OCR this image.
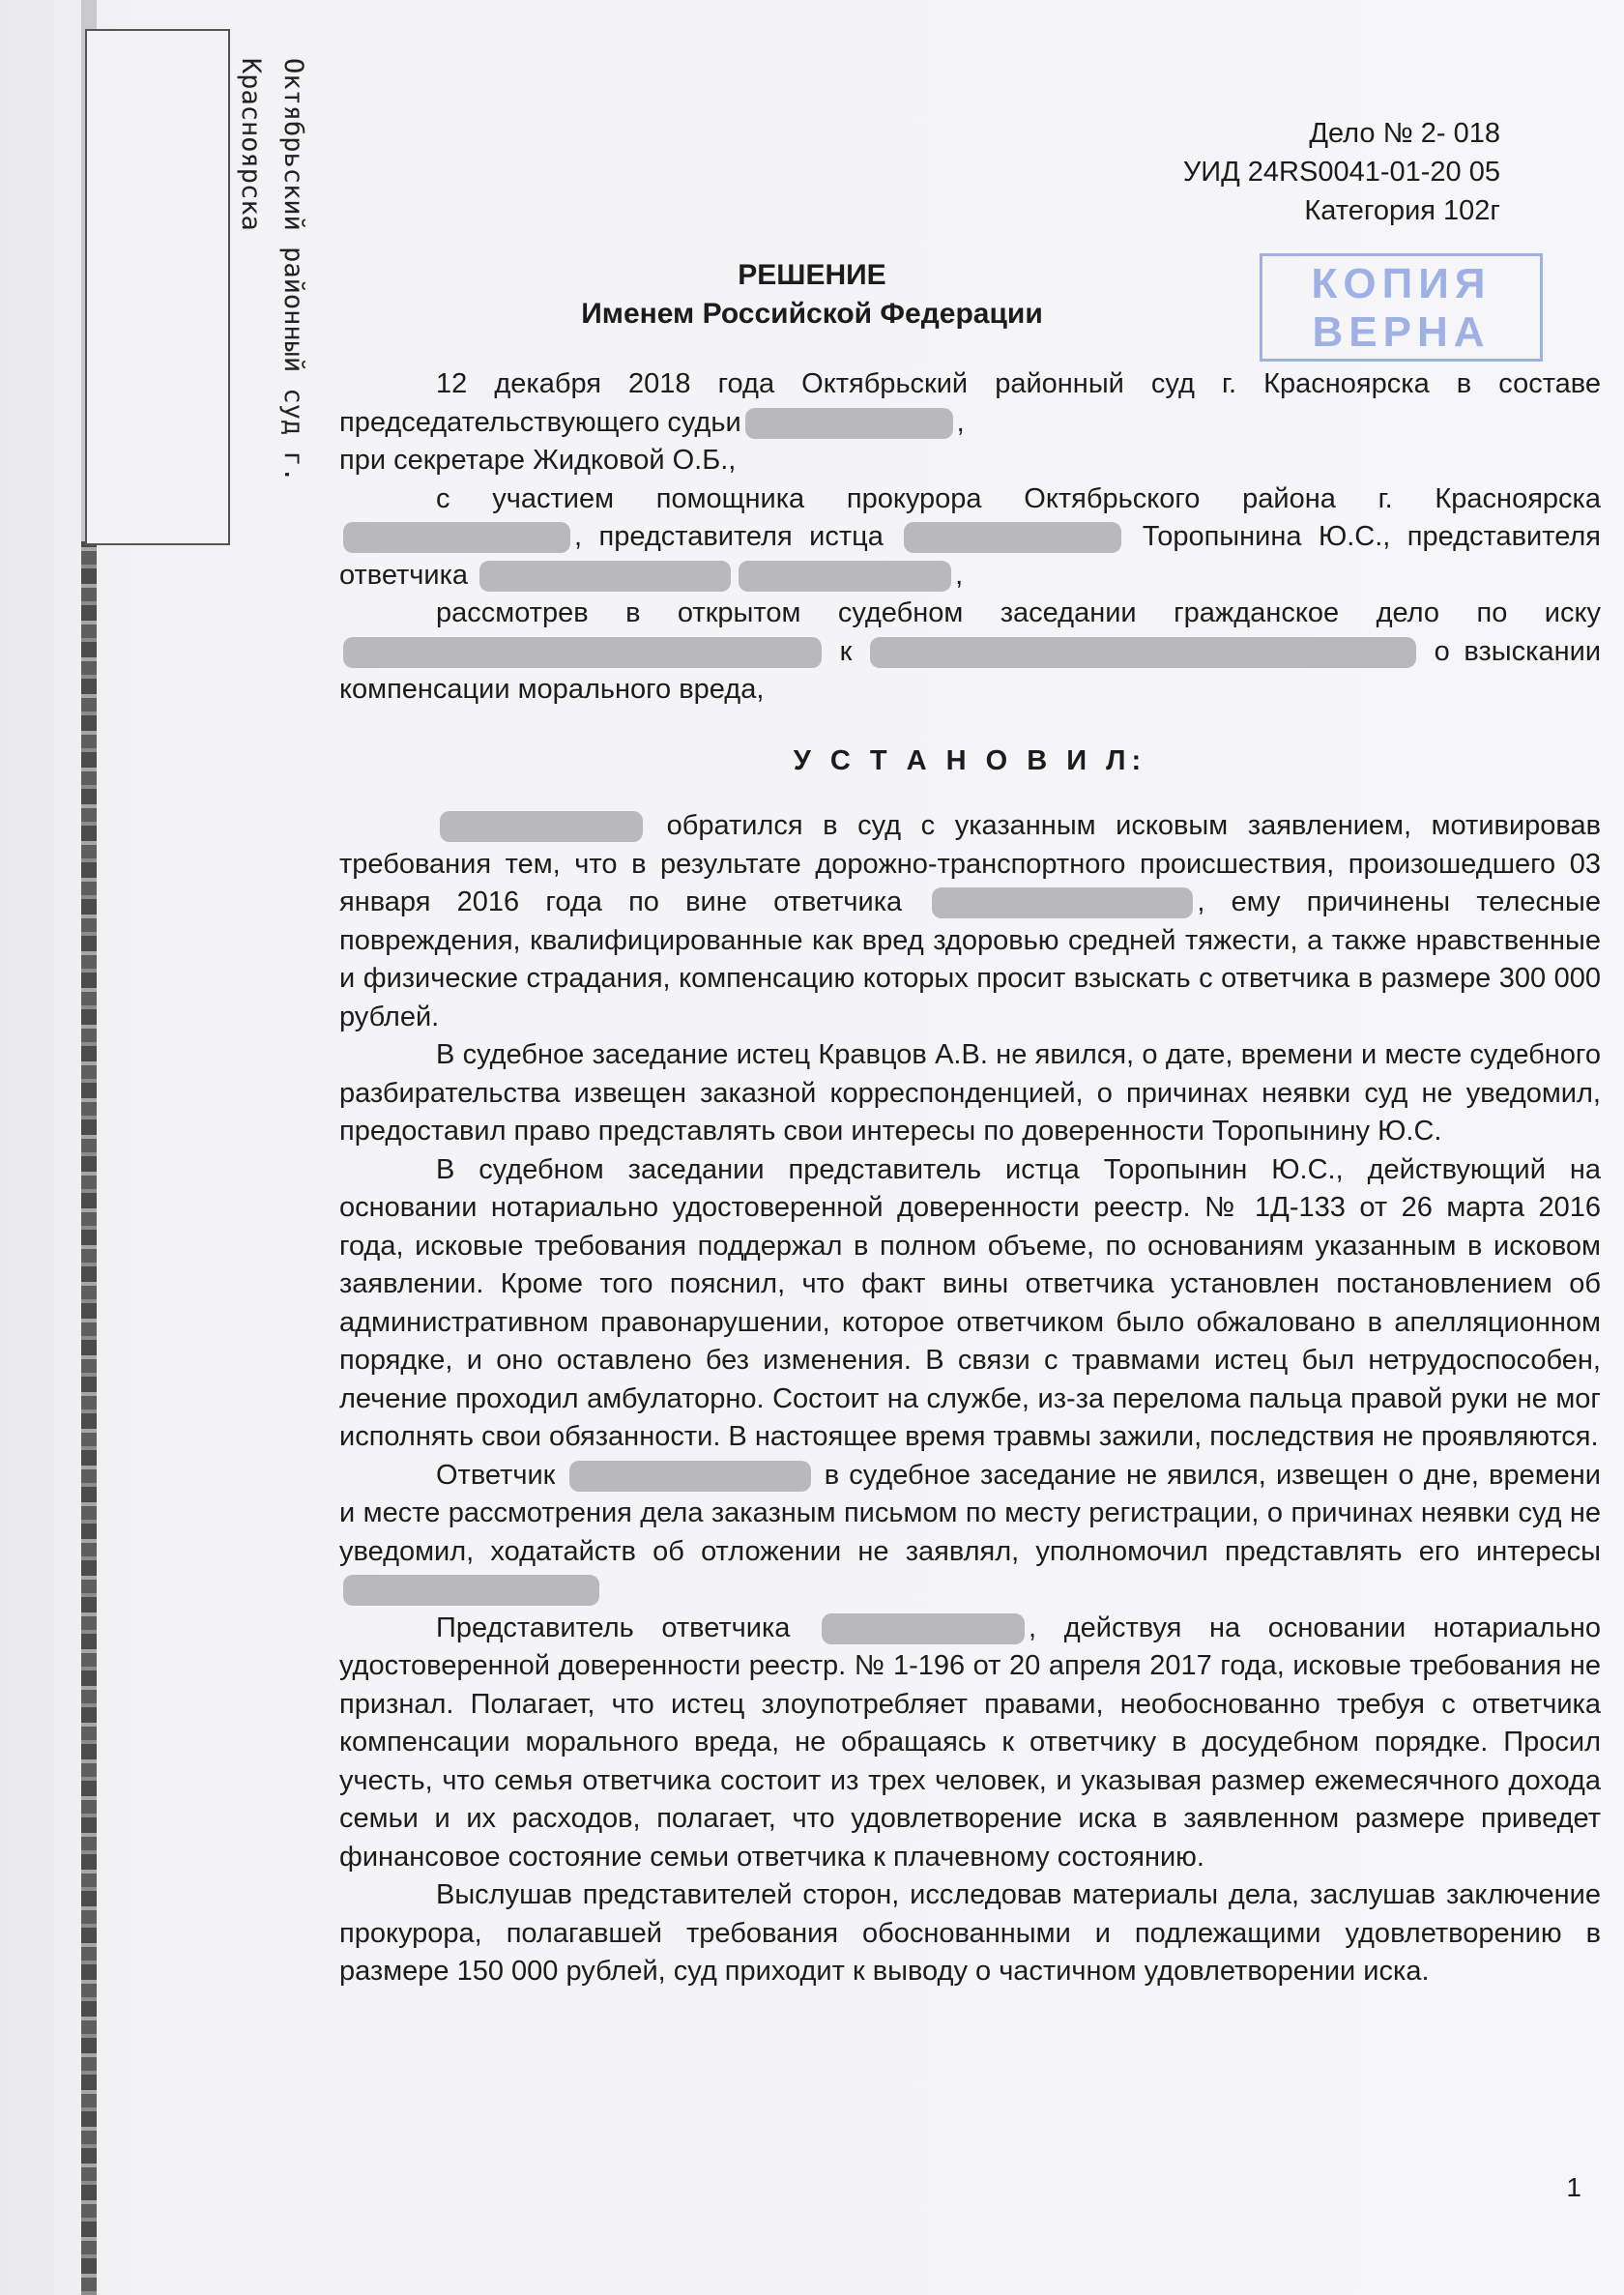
Октябрьский районный суд г.
Красноярска	Дело № 2- 018
УИД 24RS0041-01-20 05
Категория 102г
КОПИЯ
ВЕРНА
РЕШЕНИЕ
Именем Российской Федерации

12 декабря 2018 года Октябрьский районный суд г. Красноярска в составе председательствующего судьи	,

при секретаре Жидковой О.Б.,

с участием помощника прокурора Октябрьского района г. Красноярска , представителя истца	Торопынина Ю.С., представителя ответчика	,

рассмотрев в открытом судебном заседании гражданское дело по иску  к	о взыскании компенсации морального вреда,

У С Т А Н О В И Л:

обратился в суд с указанным исковым заявлением, мотивировав требования тем, что в результате дорожно-транспортного происшествия, произошедшего 03 января 2016 года по вине ответчика	, ему причинены телесные повреждения, квалифицированные как вред здоровью средней тяжести, а также нравственные и физические страдания, компенсацию которых просит взыскать с ответчика в размере 300 000 рублей.

В судебное заседание истец Кравцов А.В. не явился, о дате, времени и месте судебного разбирательства извещен заказной корреспонденцией, о причинах неявки суд не уведомил, предоставил право представлять свои интересы по доверенности Торопынину Ю.С.

В судебном заседании представитель истца Торопынин Ю.С., действующий на основании нотариально удостоверенной доверенности реестр. № 1Д-133 от 26 марта 2016 года, исковые требования поддержал в полном объеме, по основаниям указанным в исковом заявлении. Кроме того пояснил, что факт вины ответчика установлен постановлением об административном правонарушении, которое ответчиком было обжаловано в апелляционном порядке, и оно оставлено без изменения. В связи с травмами истец был нетрудоспособен, лечение проходил амбулаторно. Состоит на службе, из-за перелома пальца правой руки не мог исполнять свои обязанности. В настоящее время травмы зажили, последствия не проявляются.

Ответчик	в судебное заседание не явился, извещен о дне, времени и месте рассмотрения дела заказным письмом по месту регистрации, о причинах неявки суд не уведомил, ходатайств об отложении не заявлял, уполномочил представлять его интересы

Представитель ответчика	, действуя на основании нотариально удостоверенной доверенности реестр. № 1-196 от 20 апреля 2017 года, исковые требования не признал. Полагает, что истец злоупотребляет правами, необоснованно требуя с ответчика компенсации морального вреда, не обращаясь к ответчику в досудебном порядке. Просил учесть, что семья ответчика состоит из трех человек, и указывая размер ежемесячного дохода семьи и их расходов, полагает, что удовлетворение иска в заявленном размере приведет финансовое состояние семьи ответчика к плачевному состоянию.

Выслушав представителей сторон, исследовав материалы дела, заслушав заключение прокурора, полагавшей требования обоснованными и подлежащими удовлетворению в размере 150 000 рублей, суд приходит к выводу о частичном удовлетворении иска.

1
